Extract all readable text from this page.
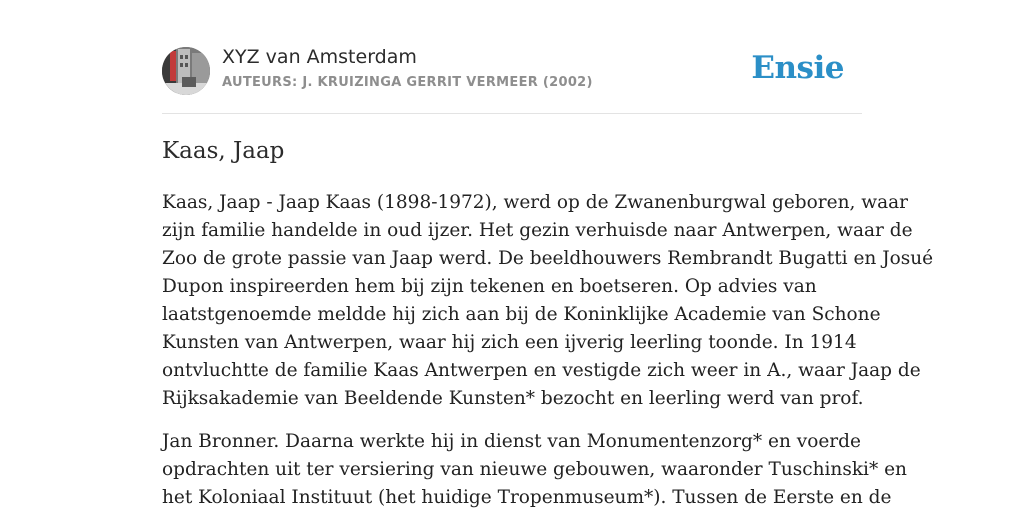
XYZ van Amsterdam
AUTEURS: J. KRUIZINGA GERRIT VERMEER (2002)	Ensie
Kaas, Jaap

Kaas, Jaap - Jaap Kaas (1898-1972), werd op de Zwanenburgwal geboren, waar
zijn familie handelde in oud ijzer. Het gezin verhuisde naar Antwerpen, waar de
Zoo de grote passie van Jaap werd. De beeldhouwers Rembrandt Bugatti en Josué
Dupon inspireerden hem bij zijn tekenen en boetseren. Op advies van
laatstgenoemde meldde hij zich aan bij de Koninklijke Academie van Schone
Kunsten van Antwerpen, waar hij zich een ijverig leerling toonde. In 1914
ontvluchtte de familie Kaas Antwerpen en vestigde zich weer in A., waar Jaap de
Rijksakademie van Beeldende Kunsten* bezocht en leerling werd van prof.

Jan Bronner. Daarna werkte hij in dienst van Monumentenzorg* en voerde
opdrachten uit ter versiering van nieuwe gebouwen, waaronder Tuschinski* en
het Koloniaal Instituut (het huidige Tropenmuseum*). Tussen de Eerste en de
